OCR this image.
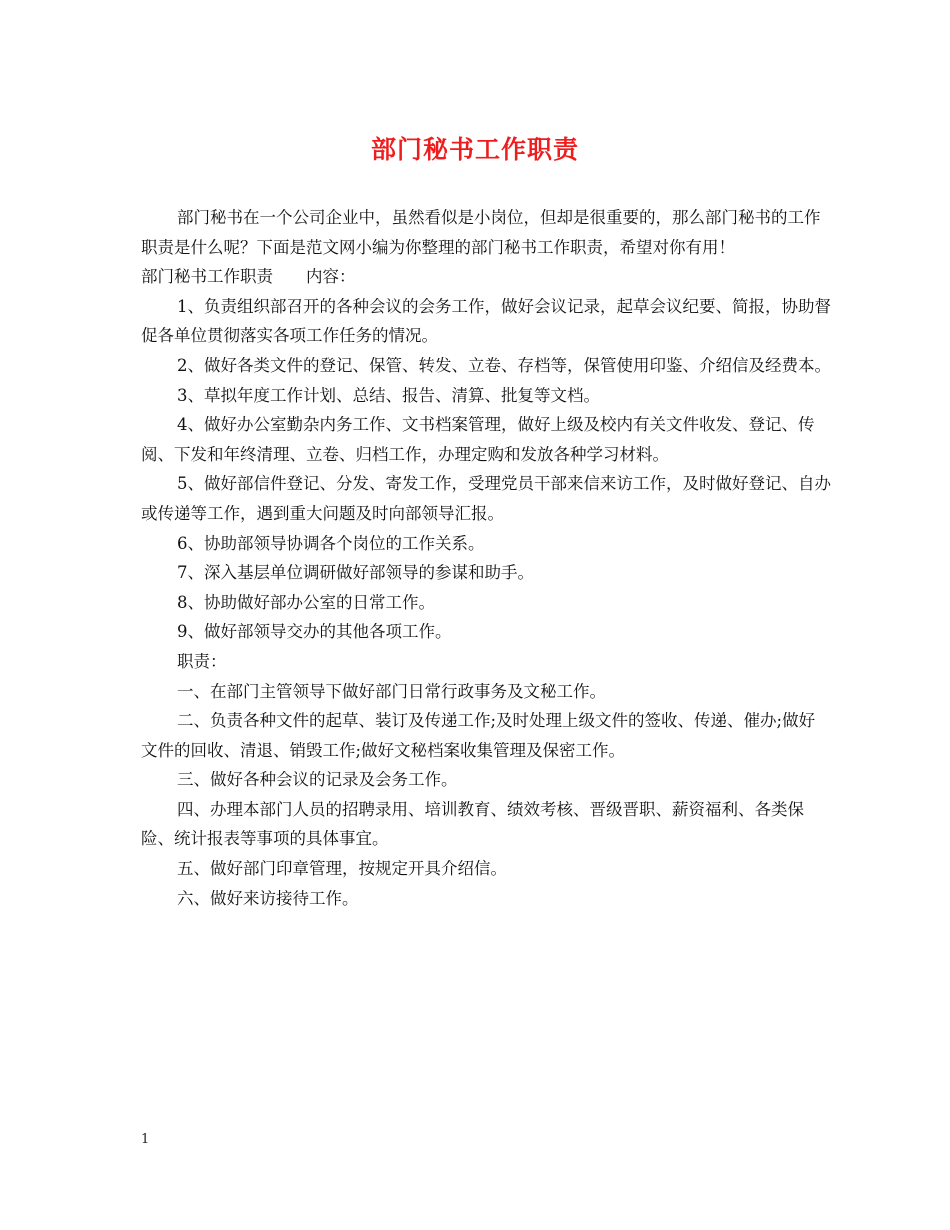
部门秘书工作职责

部门秘书在一个公司企业中，虽然看似是小岗位，但却是很重要的，那么部门秘书的工作职责是什么呢？下面是范文网小编为你整理的部门秘书工作职责，希望对你有用！

部门秘书工作职责　　内容：

1、负责组织部召开的各种会议的会务工作，做好会议记录，起草会议纪要、简报，协助督促各单位贯彻落实各项工作任务的情况。

2、做好各类文件的登记、保管、转发、立卷、存档等，保管使用印鉴、介绍信及经费本。

3、草拟年度工作计划、总结、报告、清算、批复等文档。

4、做好办公室勤杂内务工作、文书档案管理，做好上级及校内有关文件收发、登记、传阅、下发和年终清理、立卷、归档工作，办理定购和发放各种学习材料。

5、做好部信件登记、分发、寄发工作，受理党员干部来信来访工作，及时做好登记、自办或传递等工作，遇到重大问题及时向部领导汇报。

6、协助部领导协调各个岗位的工作关系。

7、深入基层单位调研做好部领导的参谋和助手。

8、协助做好部办公室的日常工作。

9、做好部领导交办的其他各项工作。

职责：

一、在部门主管领导下做好部门日常行政事务及文秘工作。

二、负责各种文件的起草、装订及传递工作;及时处理上级文件的签收、传递、催办;做好文件的回收、清退、销毁工作;做好文秘档案收集管理及保密工作。

三、做好各种会议的记录及会务工作。

四、办理本部门人员的招聘录用、培训教育、绩效考核、晋级晋职、薪资福利、各类保险、统计报表等事项的具体事宜。

五、做好部门印章管理，按规定开具介绍信。

六、做好来访接待工作。

1
